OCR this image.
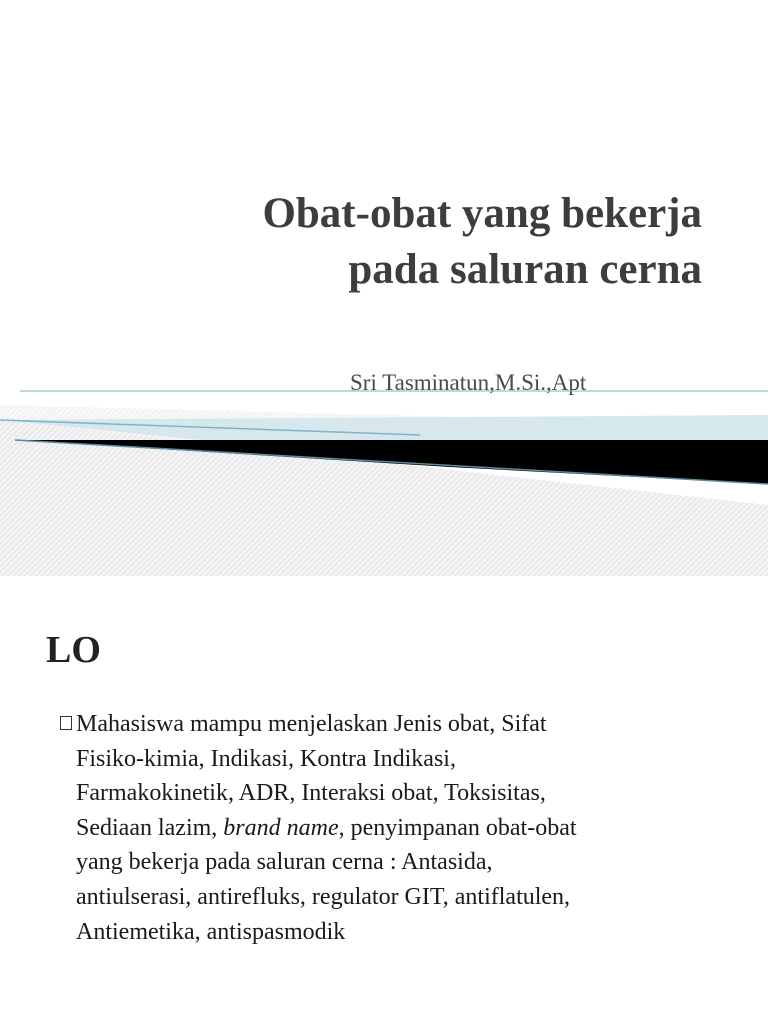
Obat-obat yang bekerja
pada saluran cerna
Sri Tasminatun,M.Si.,Apt
LO
Mahasiswa mampu menjelaskan Jenis obat, Sifat
Fisiko-kimia, Indikasi, Kontra Indikasi,
Farmakokinetik, ADR, Interaksi obat, Toksisitas,
Sediaan lazim, brand name, penyimpanan obat-obat
yang bekerja pada saluran cerna : Antasida,
antiulserasi, antirefluks, regulator GIT, antiflatulen,
Antiemetika, antispasmodik
